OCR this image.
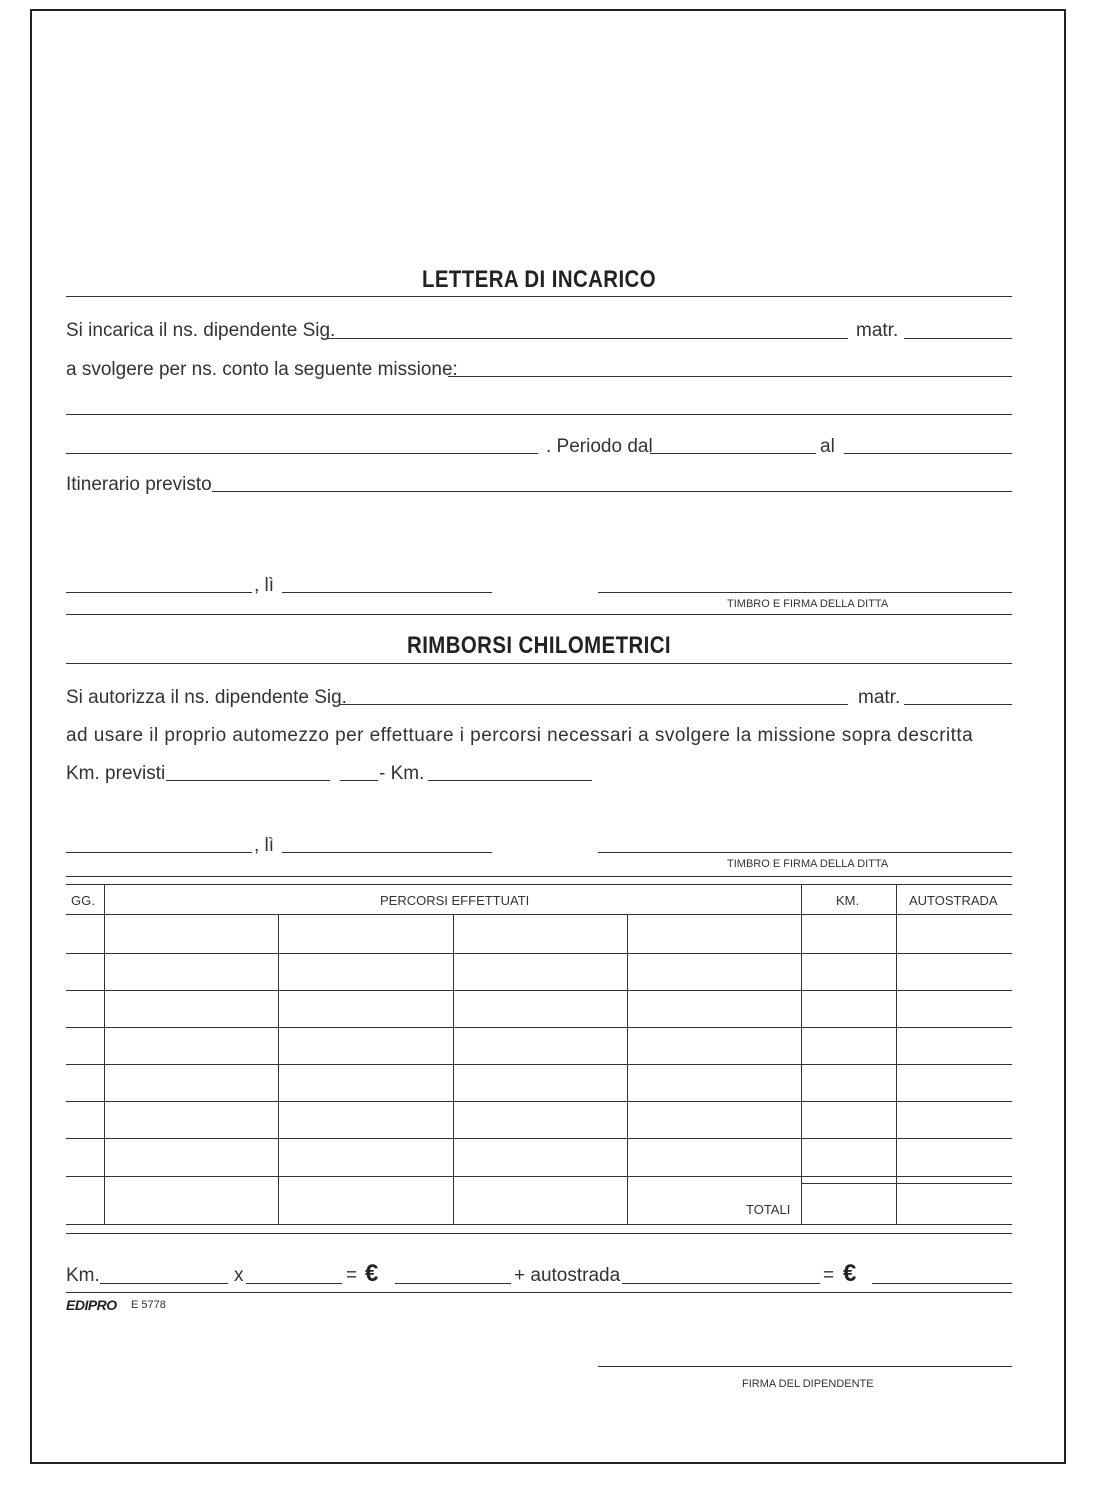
LETTERA DI INCARICO
Si incarica il ns. dipendente Sig.	matr.
a svolgere per ns. conto la seguente missione:
. Periodo dal	al
Itinerario previsto
, lì
TIMBRO E FIRMA DELLA DITTA
RIMBORSI CHILOMETRICI
Si autorizza il ns. dipendente Sig.	matr.
ad usare il proprio automezzo per effettuare i percorsi necessari a svolgere la missione sopra descritta
Km. previsti	- Km.
, lì
TIMBRO E FIRMA DELLA DITTA
GG.	PERCORSI EFFETTUATI	KM.	AUTOSTRADA
TOTALI
Km.	x	= €	+ autostrada	= €
EDIPRO E 5778
FIRMA DEL DIPENDENTE
